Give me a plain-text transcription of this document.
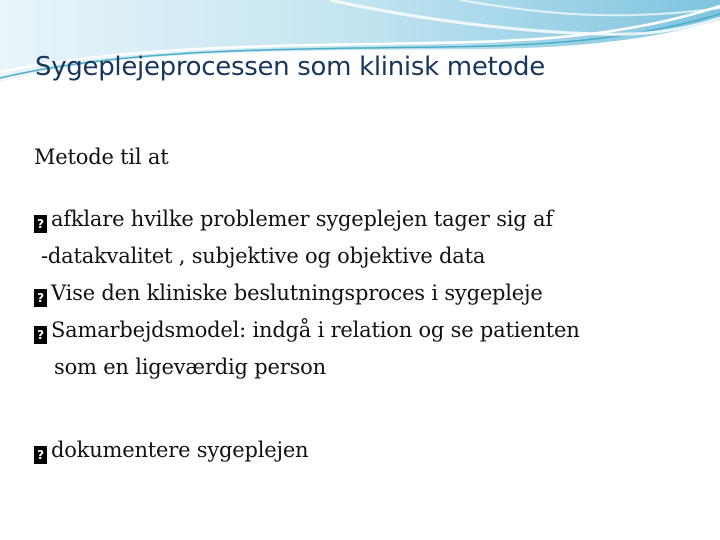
Sygeplejeprocessen som klinisk metode
Metode til at
? afklare hvilke problemer sygeplejen tager sig af
-datakvalitet , subjektive og objektive data
? Vise den kliniske beslutningsproces i sygepleje
? Samarbejdsmodel: indgå i relation og se patienten
som en ligeværdig person
? dokumentere sygeplejen
